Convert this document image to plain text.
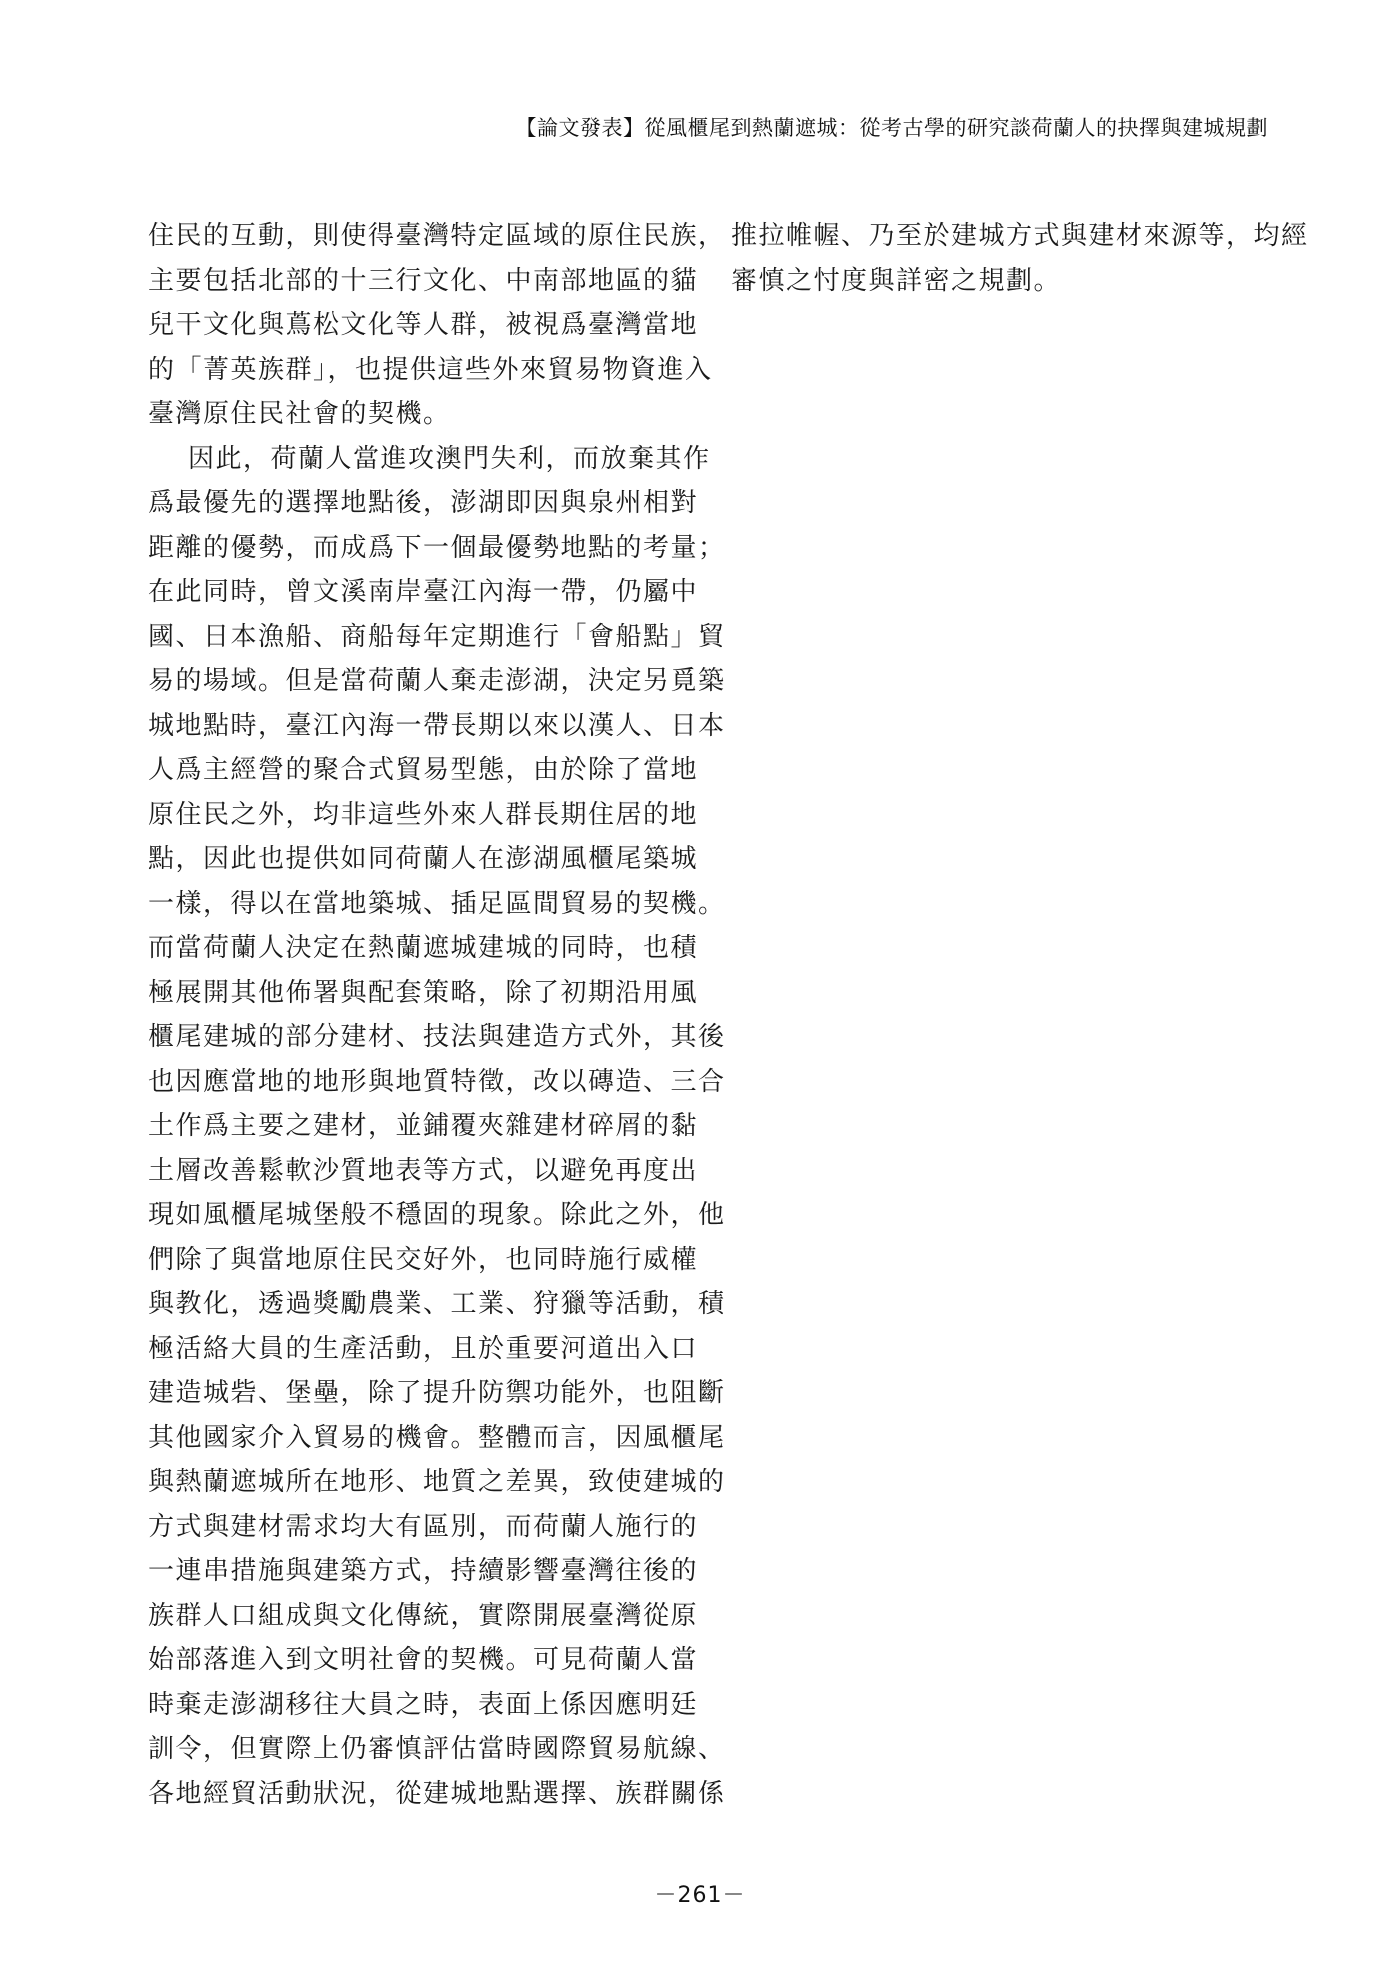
【論文發表】從風櫃尾到熱蘭遮城：從考古學的研究談荷蘭人的抉擇與建城規劃
住民的互動，則使得臺灣特定區域的原住民族，
主要包括北部的十三行文化、中南部地區的貓
兒干文化與蔦松文化等人群，被視爲臺灣當地
的「菁英族群」，也提供這些外來貿易物資進入
臺灣原住民社會的契機。
因此，荷蘭人當進攻澳門失利，而放棄其作
爲最優先的選擇地點後，澎湖即因與泉州相對
距離的優勢，而成爲下一個最優勢地點的考量；
在此同時，曾文溪南岸臺江內海一帶，仍屬中
國、日本漁船、商船每年定期進行「會船點」貿
易的場域。但是當荷蘭人棄走澎湖，決定另覓築
城地點時，臺江內海一帶長期以來以漢人、日本
人爲主經營的聚合式貿易型態，由於除了當地
原住民之外，均非這些外來人群長期住居的地
點，因此也提供如同荷蘭人在澎湖風櫃尾築城
一樣，得以在當地築城、插足區間貿易的契機。
而當荷蘭人決定在熱蘭遮城建城的同時，也積
極展開其他佈署與配套策略，除了初期沿用風
櫃尾建城的部分建材、技法與建造方式外，其後
也因應當地的地形與地質特徵，改以磚造、三合
土作爲主要之建材，並鋪覆夾雜建材碎屑的黏
土層改善鬆軟沙質地表等方式，以避免再度出
現如風櫃尾城堡般不穩固的現象。除此之外，他
們除了與當地原住民交好外，也同時施行威權
與教化，透過獎勵農業、工業、狩獵等活動，積
極活絡大員的生產活動，且於重要河道出入口
建造城砦、堡壘，除了提升防禦功能外，也阻斷
其他國家介入貿易的機會。整體而言，因風櫃尾
與熱蘭遮城所在地形、地質之差異，致使建城的
方式與建材需求均大有區別，而荷蘭人施行的
一連串措施與建築方式，持續影響臺灣往後的
族群人口組成與文化傳統，實際開展臺灣從原
始部落進入到文明社會的契機。可見荷蘭人當
時棄走澎湖移往大員之時，表面上係因應明廷
訓令，但實際上仍審慎評估當時國際貿易航線、
各地經貿活動狀況，從建城地點選擇、族群關係
推拉帷幄、乃至於建城方式與建材來源等，均經
審慎之忖度與詳密之規劃。
－261－
